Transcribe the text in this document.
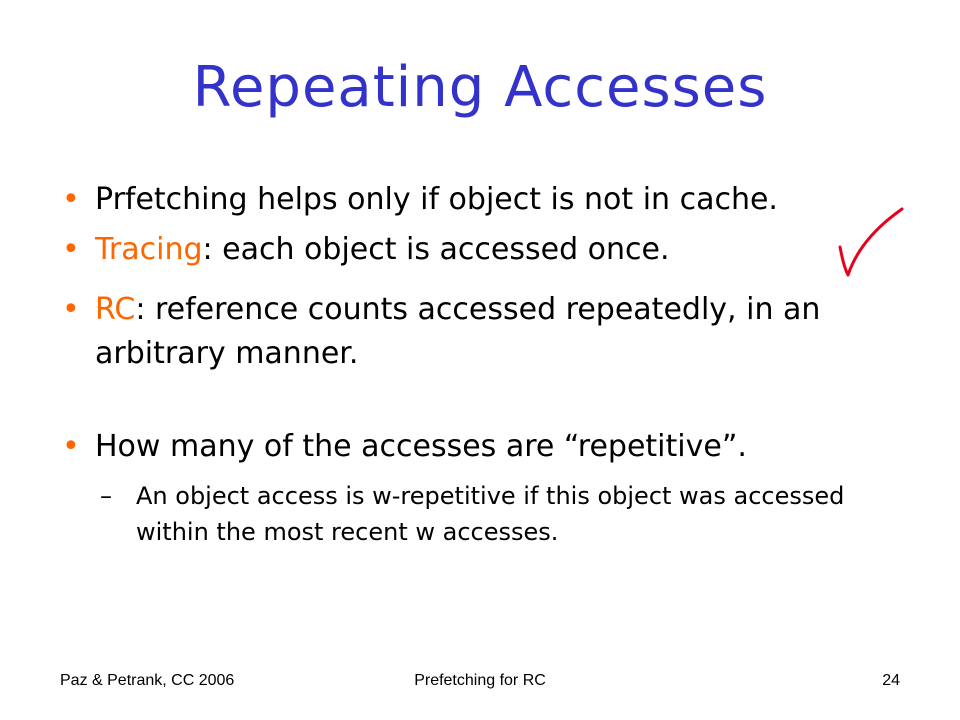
Repeating Accesses
• Prfetching helps only if object is not in cache.
• Tracing: each object is accessed once.
• RC: reference counts accessed repeatedly, in an arbitrary manner.
• How many of the accesses are “repetitive”.
– An object access is w-repetitive if this object was accessed within the most recent w accesses.
Paz & Petrank, CC 2006	Prefetching for RC	24
